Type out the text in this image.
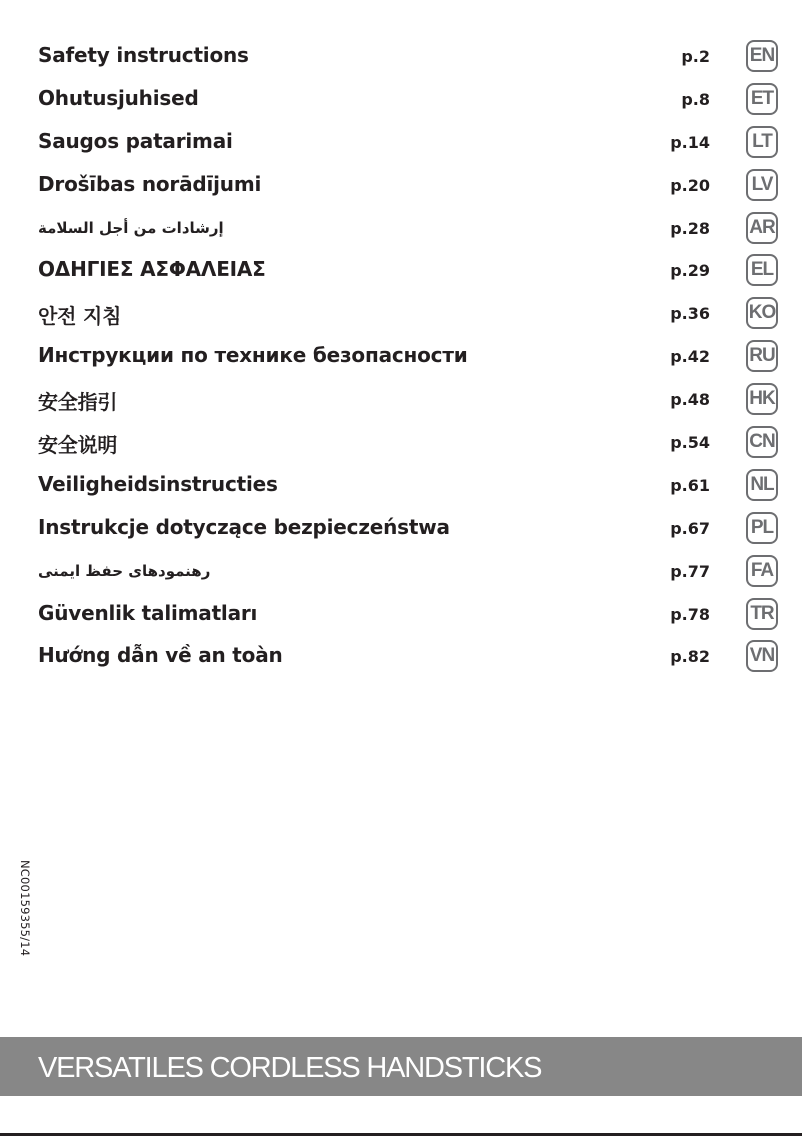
Safety instructions	p.2 EN
Ohutusjuhised	p.8 ET
Saugos patarimai	p.14	LT
Drošības norādījumi	p.20 LV
إرشادات من أجل السلامة	p.28 AR
ΟΔΗΓΙΕΣ ΑΣΦΑΛΕΙΑΣ	p.29 EL
안전 지침	p.36 KO
Инструкции по технике безопасности	p.42 RU
安全指引	p.48 HK
安全说明	p.54 CN
Veiligheidsinstructies	p.61 NL
Instrukcje dotyczące bezpieczeństwa	p.67 PL
رهنمودهای حفظ ایمنی	p.77 FA
Güvenlik talimatları	p.78 TR
Hướng dẫn về an toàn	p.82 VN
NC00159355/14
VERSATILES CORDLESS HANDSTICKS
